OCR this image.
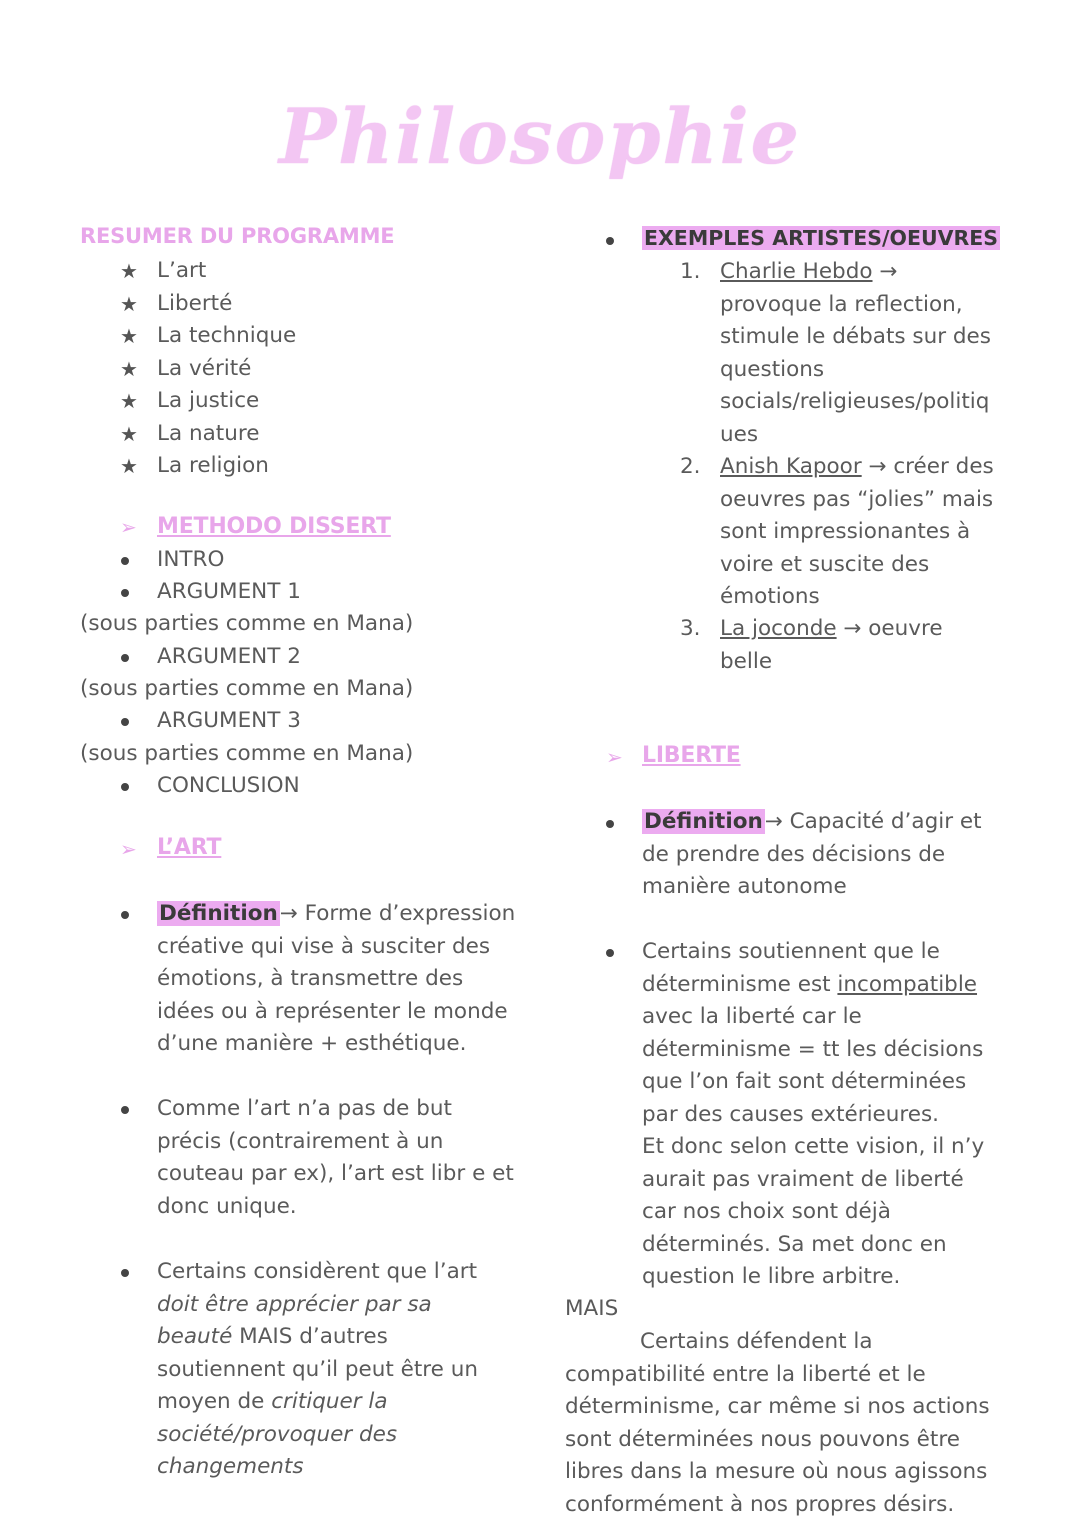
Philosophie
RESUMER DU PROGRAMME
★ L’art
★ Liberté
★ La technique
★ La vérité
★ La justice
★ La nature
★ La religion
➢ METHODO DISSERT
INTRO
ARGUMENT 1
(sous parties comme en Mana)
ARGUMENT 2
(sous parties comme en Mana)
ARGUMENT 3
(sous parties comme en Mana)
CONCLUSION
➢ L’ART
Définition→ Forme d’expression
créative qui vise à susciter des
émotions, à transmettre des
idées ou à représenter le monde
d’une manière + esthétique.
Comme l’art n’a pas de but
précis (contrairement à un
couteau par ex), l’art est libr e et
donc unique.
Certains considèrent que l’art
doit être apprécier par sa
beauté MAIS d’autres
soutiennent qu’il peut être un
moyen de critiquer la
société/provoquer des
changements
EXEMPLES ARTISTES/OEUVRES
1. Charlie Hebdo →
provoque la reflection,
stimule le débats sur des
questions
socials/religieuses/politiq
ues
2. Anish Kapoor → créer des
oeuvres pas “jolies” mais
sont impressionantes à
voire et suscite des
émotions
3. La joconde → oeuvre
belle
➢ LIBERTE
Définition→ Capacité d’agir et
de prendre des décisions de
manière autonome
Certains soutiennent que le
déterminisme est incompatible
avec la liberté car le
déterminisme = tt les décisions
que l’on fait sont déterminées
par des causes extérieures.
Et donc selon cette vision, il n’y
aurait pas vraiment de liberté
car nos choix sont déjà
déterminés. Sa met donc en
question le libre arbitre.
MAIS
Certains défendent la
compatibilité entre la liberté et le
déterminisme, car même si nos actions
sont déterminées nous pouvons être
libres dans la mesure où nous agissons
conformément à nos propres désirs.
